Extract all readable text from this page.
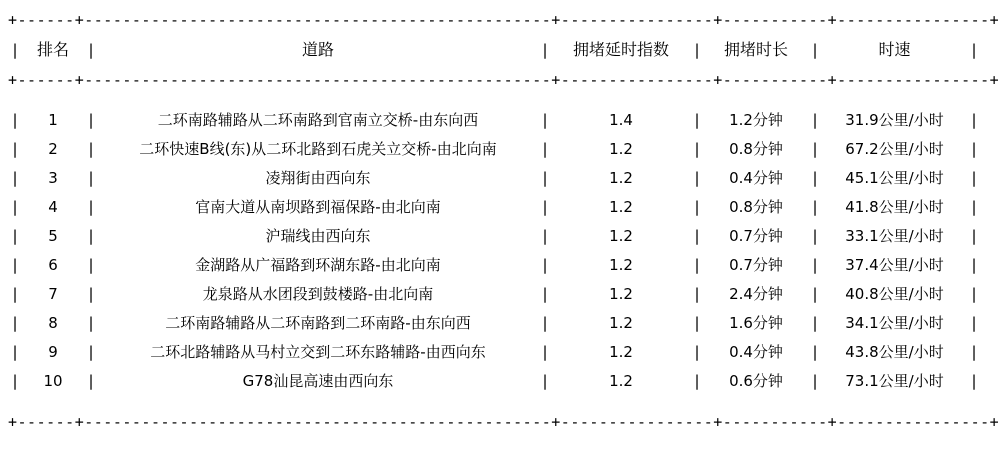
+------+-------------------------------------------------+----------------+-----------+----------------+										

|	排名	|	道路	|	拥堵延时指数	|	拥堵时长	|	时速	|

+------+-------------------------------------------------+----------------+-----------+----------------+										

|	1	|	二环南路辅路从二环南路到官南立交桥-由东向西	|	1.4	|	1.2分钟	|	31.9公里/小时	|
|	2	|	二环快速B线(东)从二环北路到石虎关立交桥-由北向南	|	1.2	|	0.8分钟	|	67.2公里/小时	|
|	3	|	凌翔街由西向东	|	1.2	|	0.4分钟	|	45.1公里/小时	|
|	4	|	官南大道从南坝路到福保路-由北向南	|	1.2	|	0.8分钟	|	41.8公里/小时	|
|	5	|	沪瑞线由西向东	|	1.2	|	0.7分钟	|	33.1公里/小时	|
|	6	|	金湖路从广福路到环湖东路-由北向南	|	1.2	|	0.7分钟	|	37.4公里/小时	|
|	7	|	龙泉路从水团段到鼓楼路-由北向南	|	1.2	|	2.4分钟	|	40.8公里/小时	|
|	8	|	二环南路辅路从二环南路到二环南路-由东向西	|	1.2	|	1.6分钟	|	34.1公里/小时	|
|	9	|	二环北路辅路从马村立交到二环东路辅路-由西向东	|	1.2	|	0.4分钟	|	43.8公里/小时	|
|	10	|	G78汕昆高速由西向东	|	1.2	|	0.6分钟	|	73.1公里/小时	|

+------+-------------------------------------------------+----------------+-----------+----------------+										
